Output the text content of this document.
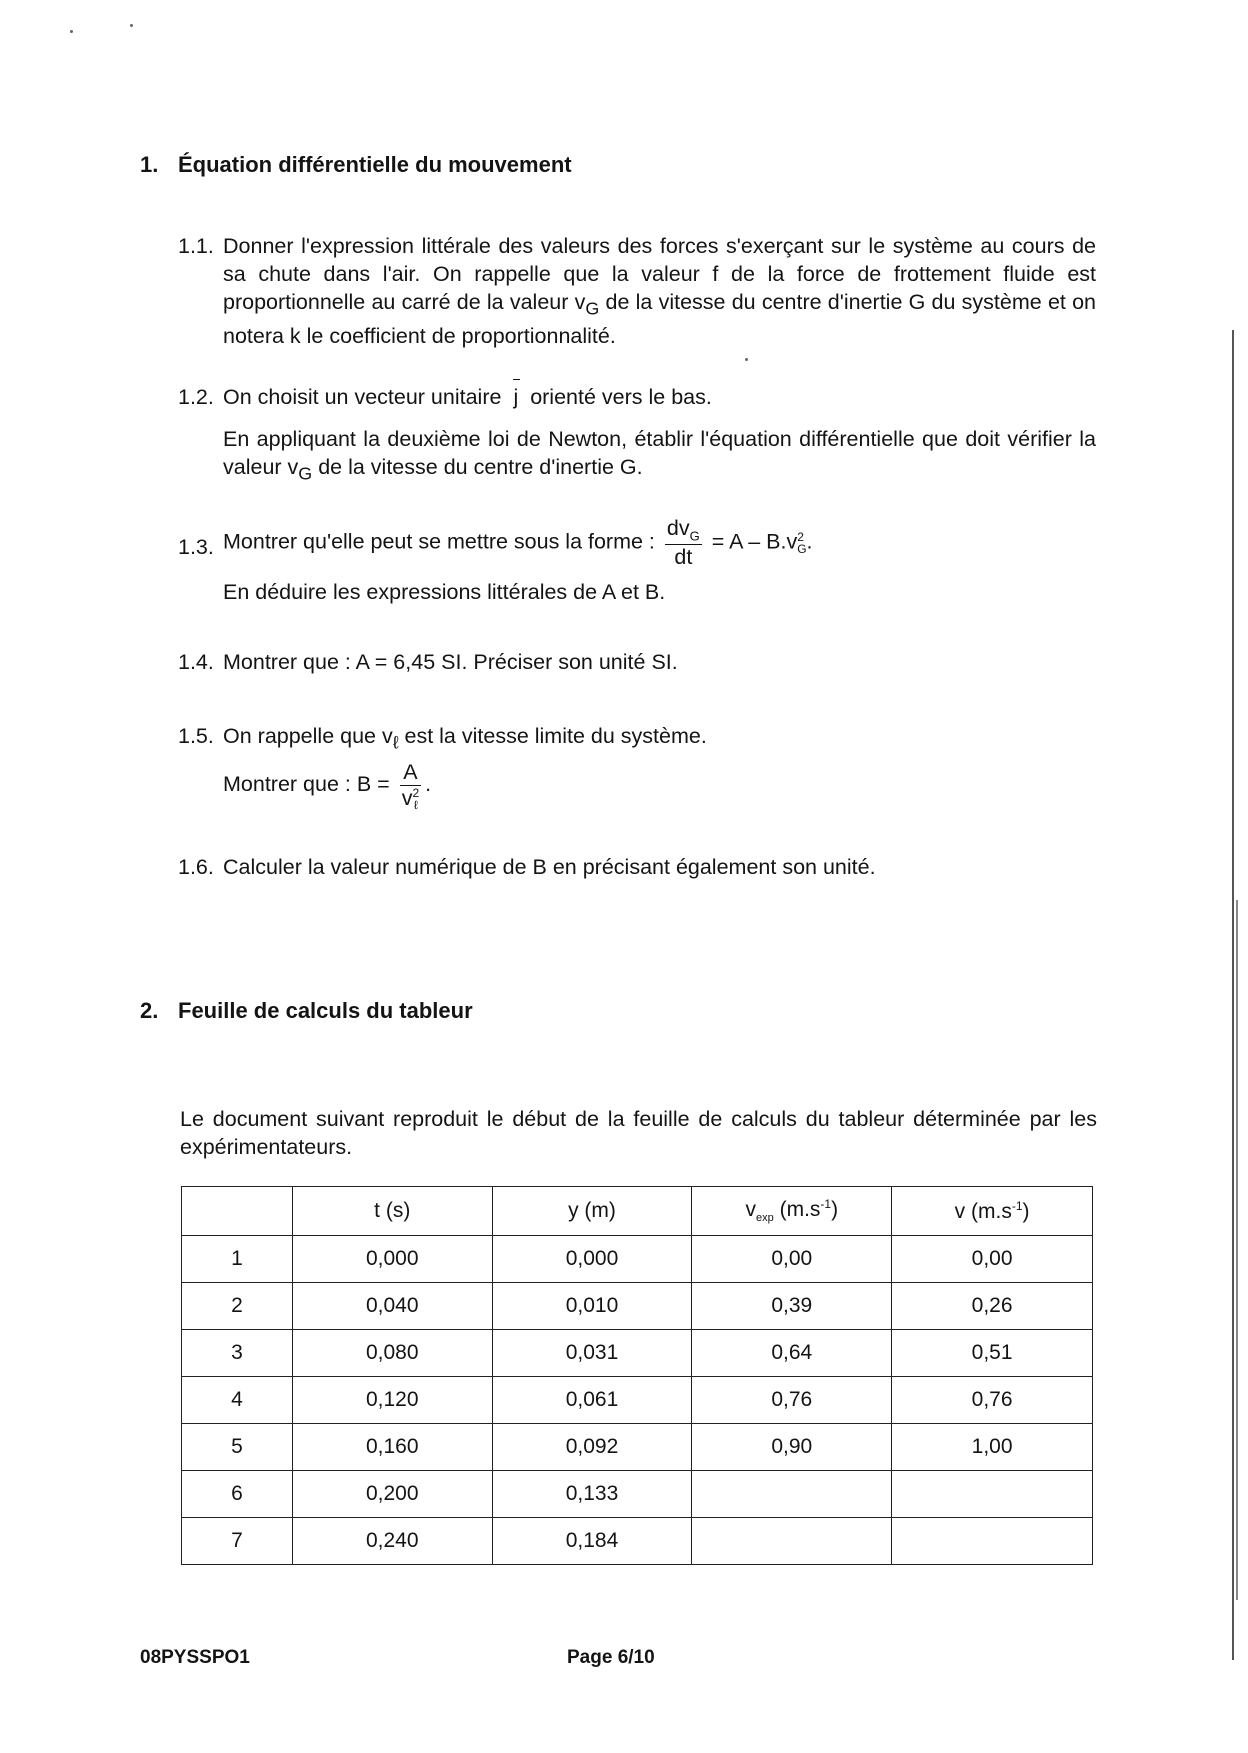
1. Équation différentielle du mouvement
1.1. Donner l'expression littérale des valeurs des forces s'exerçant sur le système au cours de sa chute dans l'air. On rappelle que la valeur f de la force de frottement fluide est proportionnelle au carré de la valeur $v_G$ de la vitesse du centre d'inertie G du système et on notera k le coefficient de proportionnalité.
1.2. On choisit un vecteur unitaire j orienté vers le bas.
En appliquant la deuxième loi de Newton, établir l'équation différentielle que doit vérifier la valeur $v_G$ de la vitesse du centre d'inertie G.
1.3. Montrer qu'elle peut se mettre sous la forme : $\frac{dv_G}{dt} = A - B.v$ 2
G .
En déduire les expressions littérales de A et B.
1.4. Montrer que : A = 6,45 SI. Préciser son unité SI.
1.5. On rappelle que $v_\ell$ est la vitesse limite du système.
Montrer que : B = A
v 2
ℓ .
1.6. Calculer la valeur numérique de B en précisant également son unité.
2. Feuille de calculs du tableur
Le document suivant reproduit le début de la feuille de calculs du tableur déterminée par les expérimentateurs.
	t (s)	y (m)	$v_{exp}$ $(m.s^{-1})$	v $(m.s^{-1})$
1	0,000	0,000	0,00	0,00
2	0,040	0,010	0,39	0,26
3	0,080	0,031	0,64	0,51
4	0,120	0,061	0,76	0,76
5	0,160	0,092	0,90	1,00
6	0,200	0,133		
7	0,240	0,184		
08PYSSPO1	Page 6/10
